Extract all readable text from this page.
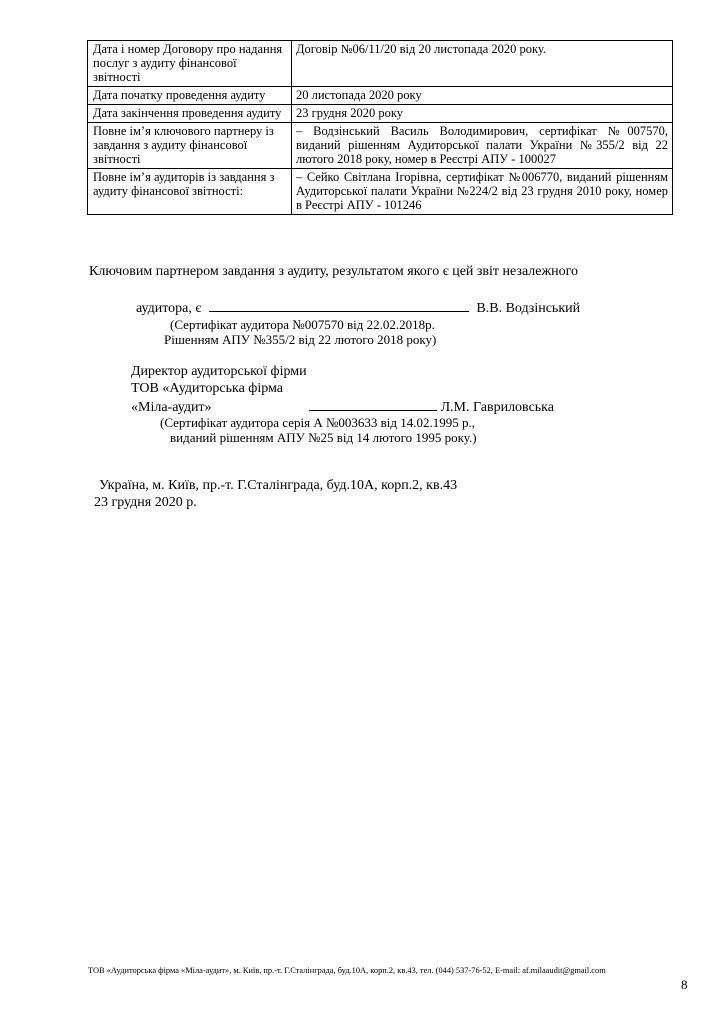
Дата і номер Договору про надання послуг з аудиту фінансової звітності	Договір №06/11/20 від 20 листопада 2020 року.
Дата початку проведення аудиту	20 листопада 2020 року
Дата закінчення проведення аудиту	23 грудня 2020 року
Повне ім’я ключового партнеру із завдання з аудиту фінансової звітності	– Водзінський Василь Володимирович, сертифікат №007570, виданий рішенням Аудиторської палати України №355/2 від 22 лютого 2018 року, номер в Реєстрі АПУ - 100027
Повне ім’я аудиторів із завдання з аудиту фінансової звітності:	– Сейко Світлана Ігорівна, сертифікат №006770, виданий рішенням Аудиторської палати України №224/2 від 23 грудня 2010 року, номер в Реєстрі АПУ - 101246
Ключовим партнером завдання з аудиту, результатом якого є цей звіт незалежного
аудитора, є	В.В. Водзінський
(Сертифікат аудитора №007570 від 22.02.2018р.
Рішенням АПУ №355/2 від 22 лютого 2018 року)
Директор аудиторської фірми
ТОВ «Аудиторська фірма
«Міла-аудит»	Л.М. Гавриловська
(Сертифікат аудитора серія А №003633 від 14.02.1995 р.,
виданий рішенням АПУ №25 від 14 лютого 1995 року.)
Україна, м. Київ, пр.-т. Г.Сталінграда, буд.10А, корп.2, кв.43
23 грудня 2020 р.
ТОВ «Аудиторська фірма «Міла-аудит», м. Київ, пр.-т. Г.Сталінграда, буд.10А, корп.2, кв.43, тел. (044) 537-76-52, E-mail: af.milaaudit@gmail.com
8
